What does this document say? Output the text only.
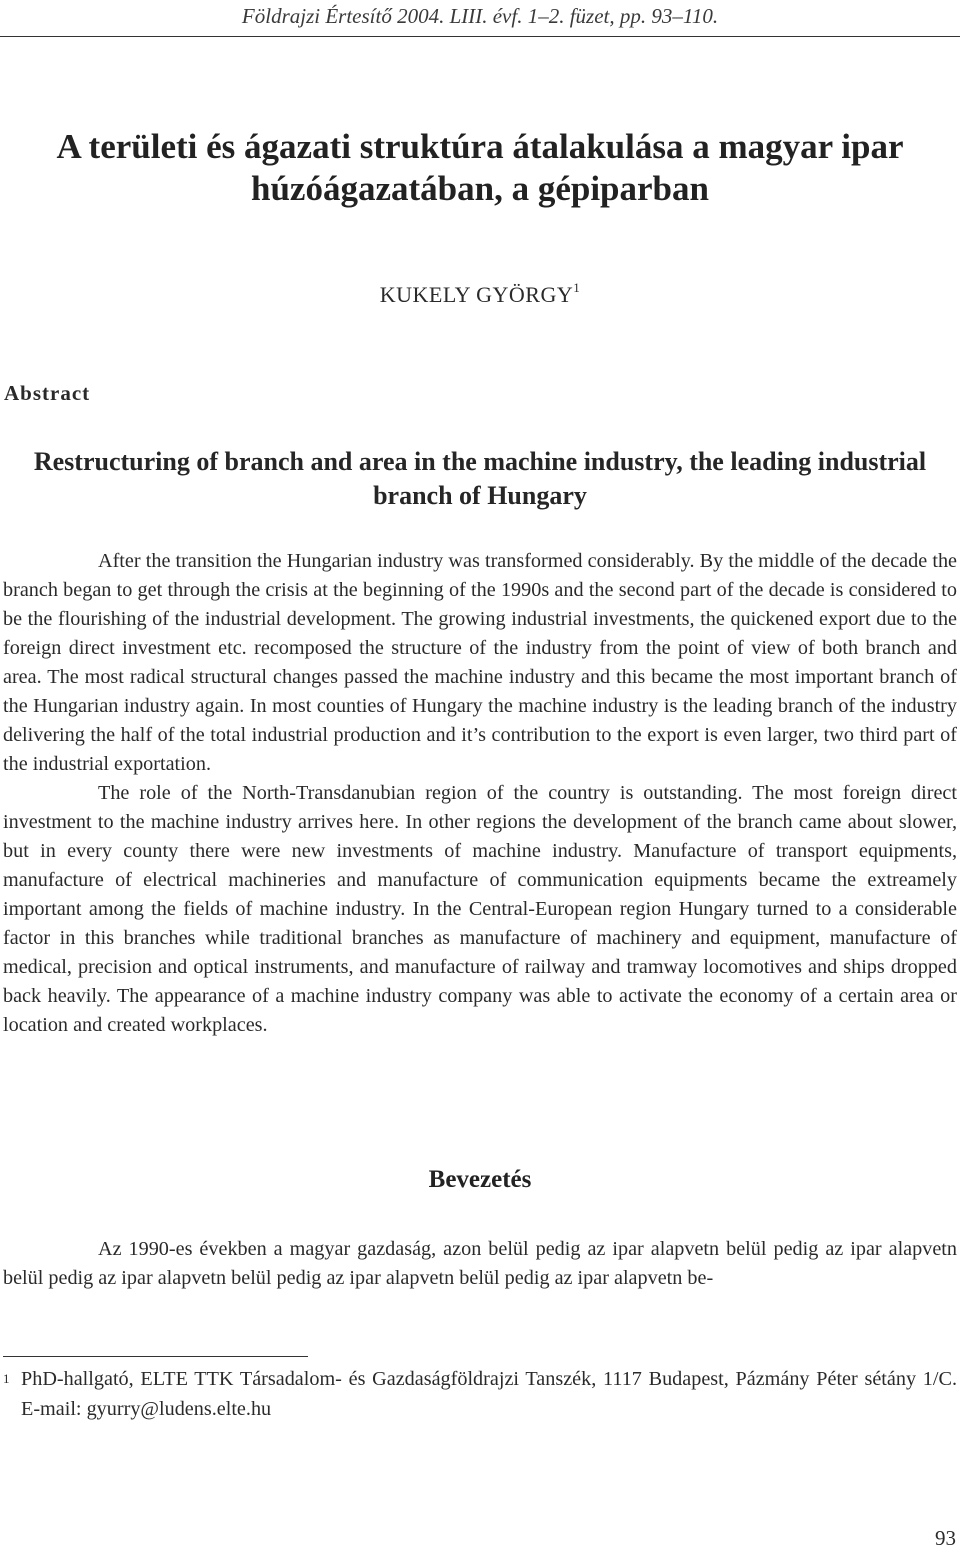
Földrajzi Értesítő 2004. LIII. évf. 1–2. füzet, pp. 93–110.
A területi és ágazati struktúra átalakulása a magyar ipar
húzóágazatában, a gépiparban
KUKELY GYÖRGY$^1$
Abstract
Restructuring of branch and area in the machine industry, the leading industrial branch of Hungary

After the transition the Hungarian industry was transformed considerably. By the middle of the decade the branch began to get through the crisis at the beginning of the 1990s and the second part of the decade is considered to be the flourishing of the industrial development. The growing industrial investments, the quickened export due to the foreign direct investment etc. recomposed the structure of the industry from the point of view of both branch and area. The most radical structural changes passed the machine industry and this became the most important branch of the Hungarian industry again. In most counties of Hungary the machine industry is the leading branch of the industry delivering the half of the total industrial production and it’s contribution to the export is even larger, two third part of the industrial exportation.

The role of the North-Transdanubian region of the country is outstanding. The most foreign direct investment to the machine industry arrives here. In other regions the development of the branch came about slower, but in every county there were new investments of machine industry. Manufacture of transport equipments, manufacture of electrical machineries and manufacture of communication equipments became the extreamely important among the fields of machine industry. In the Central-European region Hungary turned to a considerable factor in this branches while traditional branches as manufacture of machinery and equipment, manufacture of medical, precision and optical instruments, and manufacture of railway and tramway locomotives and ships dropped back heavily. The appearance of a machine industry company was able to activate the economy of a certain area or location and created workplaces.

Bevezetés

Az 1990-es években a magyar gazdaság, azon belül pedig az ipar alapvetn belül pedig az ipar alapvetn belül pedig az ipar alapvetn belül pedig az ipar alapvetn belül pedig az ipar alapvetn be-

1 PhD-hallgató, ELTE TTK Társadalom- és Gazdaságföldrajzi Tanszék, 1117 Budapest, Pázmány Péter sétány 1/C. E-mail: gyurry@ludens.elte.hu
93
